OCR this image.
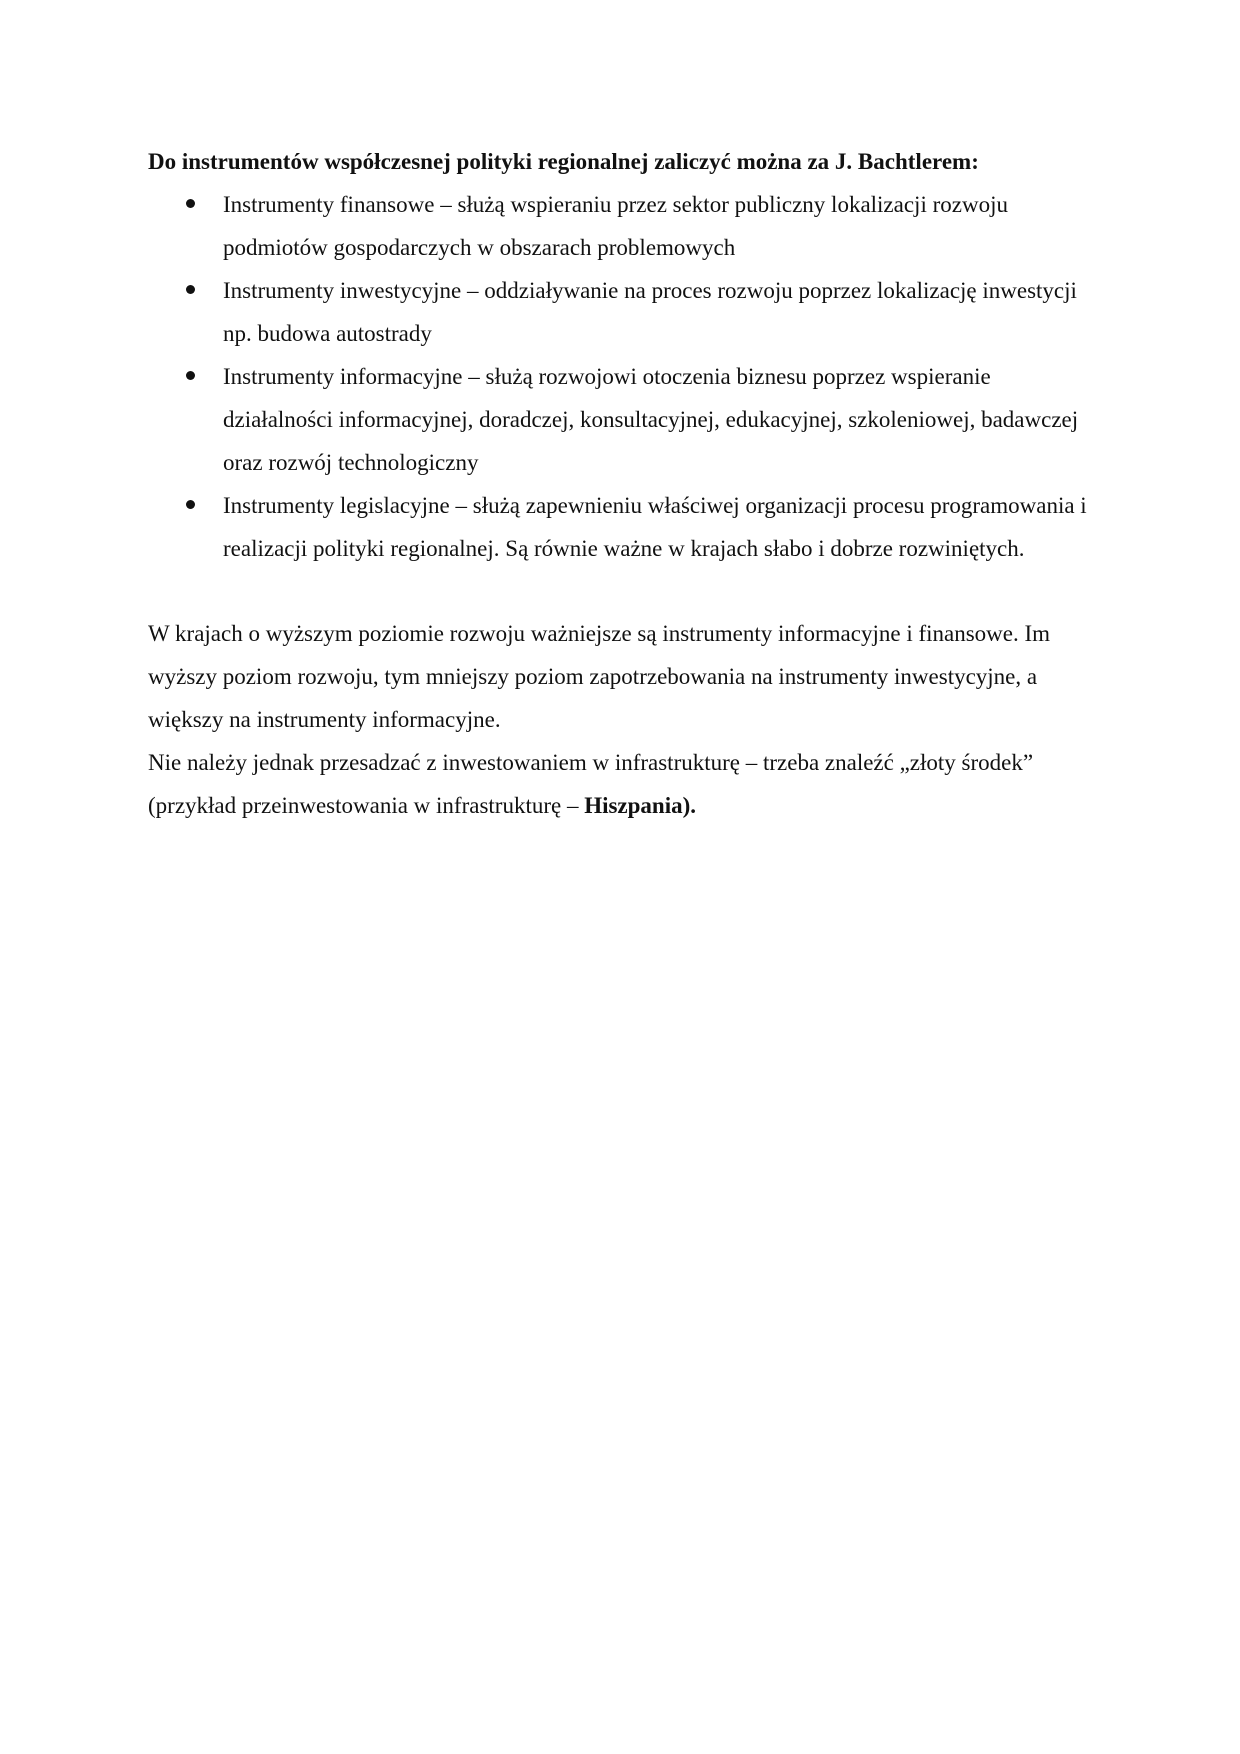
Do instrumentów współczesnej polityki regionalnej zaliczyć można za J. Bachtlerem:

Instrumenty finansowe – służą wspieraniu przez sektor publiczny lokalizacji rozwoju podmiotów gospodarczych w obszarach problemowych
Instrumenty inwestycyjne – oddziaływanie na proces rozwoju poprzez lokalizację inwestycji np. budowa autostrady
Instrumenty informacyjne – służą rozwojowi otoczenia biznesu poprzez wspieranie działalności informacyjnej, doradczej, konsultacyjnej, edukacyjnej, szkoleniowej, badawczej oraz rozwój technologiczny
Instrumenty legislacyjne – służą zapewnieniu właściwej organizacji procesu programowania i realizacji polityki regionalnej. Są równie ważne w krajach słabo i dobrze rozwiniętych.

W krajach o wyższym poziomie rozwoju ważniejsze są instrumenty informacyjne i finansowe. Im wyższy poziom rozwoju, tym mniejszy poziom zapotrzebowania na instrumenty inwestycyjne, a większy na instrumenty informacyjne.

Nie należy jednak przesadzać z inwestowaniem w infrastrukturę – trzeba znaleźć „złoty środek” (przykład przeinwestowania w infrastrukturę – Hiszpania).
